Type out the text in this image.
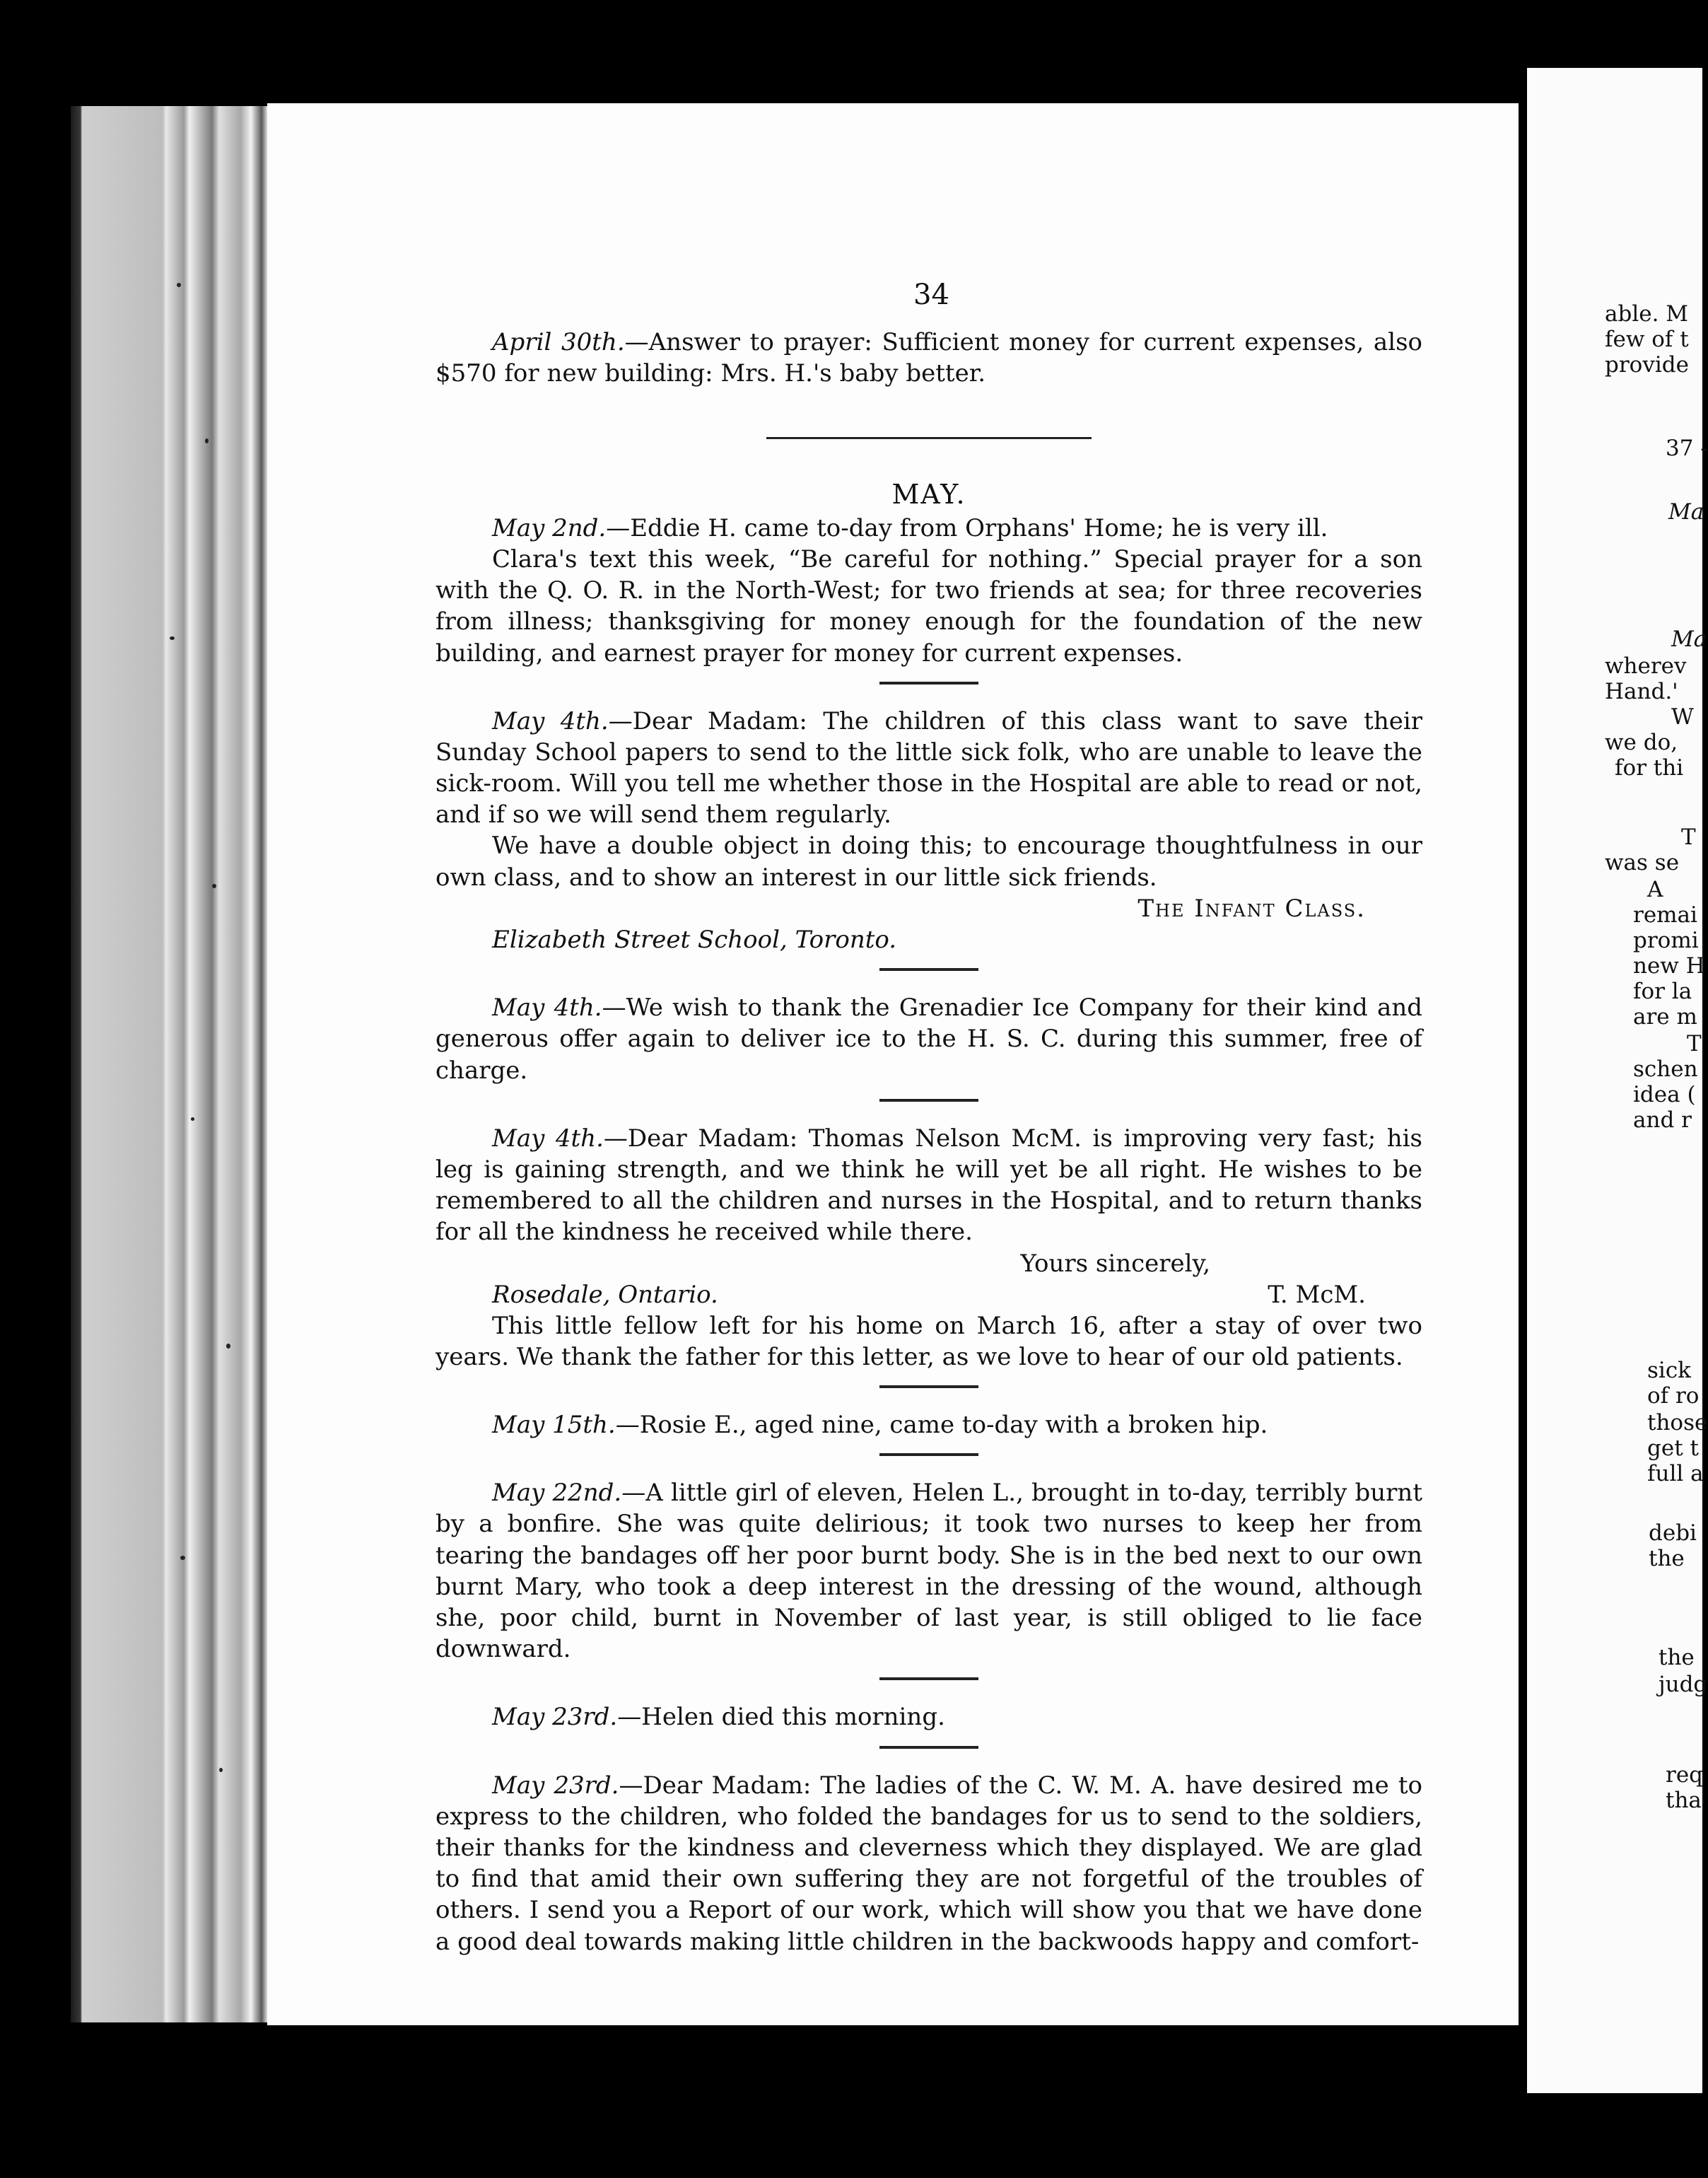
34

April 30th.—Answer to prayer: Sufficient money for current expenses, also $570 for new building: Mrs. H.'s baby better.

MAY.

May 2nd.—Eddie H. came to-day from Orphans' Home; he is very ill.

Clara's text this week, “Be careful for nothing.” Special prayer for a son with the Q. O. R. in the North-West; for two friends at sea; for three recoveries from illness; thanksgiving for money enough for the foundation of the new building, and earnest prayer for money for current expenses.

May 4th.—Dear Madam: The children of this class want to save their Sunday School papers to send to the little sick folk, who are unable to leave the sick-room. Will you tell me whether those in the Hospital are able to read or not, and if so we will send them regularly.

We have a double object in doing this; to encourage thoughtfulness in our own class, and to show an interest in our little sick friends.

The Infant Class.

Elizabeth Street School, Toronto.

May 4th.—We wish to thank the Grenadier Ice Company for their kind and generous offer again to deliver ice to the H. S. C. during this summer, free of charge.

May 4th.—Dear Madam: Thomas Nelson McM. is improving very fast; his leg is gaining strength, and we think he will yet be all right. He wishes to be remembered to all the children and nurses in the Hospital, and to return thanks for all the kindness he received while there.

Yours sincerely,

Rosedale, Ontario.	T. McM.

This little fellow left for his home on March 16, after a stay of over two years. We thank the father for this letter, as we love to hear of our old patients.

May 15th.—Rosie E., aged nine, came to-day with a broken hip.

May 22nd.—A little girl of eleven, Helen L., brought in to-day, terribly burnt by a bonfire. She was quite delirious; it took two nurses to keep her from tearing the bandages off her poor burnt body. She is in the bed next to our own burnt Mary, who took a deep interest in the dressing of the wound, although she, poor child, burnt in November of last year, is still obliged to lie face downward.

May 23rd.—Helen died this morning.

May 23rd.—Dear Madam: The ladies of the C. W. M. A. have desired me to express to the children, who folded the bandages for us to send to the soldiers, their thanks for the kindness and cleverness which they displayed. We are glad to find that amid their own suffering they are not forgetful of the troubles of others. I send you a Report of our work, which will show you that we have done a good deal towards making little children in the backwoods happy and comfort-

able. M
few of t
provide
37 -
Ma
Ma
wherev
Hand.'
W
we do,
for thi
T
was se
A
remai
promi
new H
for la
are m
T
schen
idea (
and r
sick
of ro
those
get t
full a
debi
the
the
judg
req
tha
